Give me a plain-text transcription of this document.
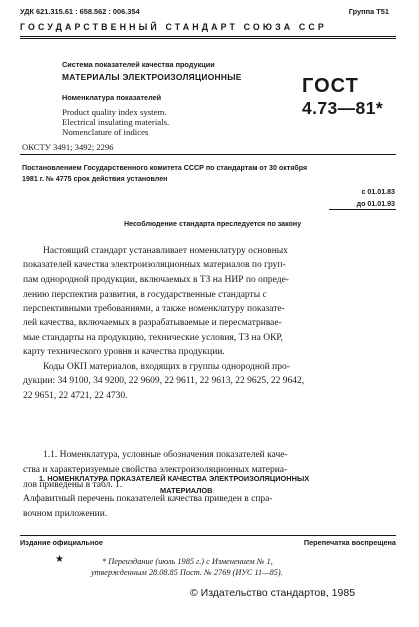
УДК 621.315.61 : 658.562 : 006.354	Группа Т51
ГОСУДАРСТВЕННЫЙ СТАНДАРТ СОЮЗА ССР
Система показателей качества продукции
МАТЕРИАЛЫ ЭЛЕКТРОИЗОЛЯЦИОННЫЕ
Номенклатура показателей
Product quality index system.
Electrical insulating materials.
Nomenclature of indices
ГОСТ
4.73—81*
ОКСТУ 3491; 3492; 2296
Постановлением Государственного комитета СССР по стандартам от 30 октября
1981 г. № 4775 срок действия установлен
с 01.01.83
до 01.01.93
Несоблюдение стандарта преследуется по закону
Настоящий стандарт устанавливает номенклатуру основных
показателей качества электроизоляционных материалов по груп-
пам однородной продукции, включаемых в ТЗ на НИР по опреде-
лению перспектив развития, в государственные стандарты с
перспективными требованиями, а также номенклатуру показате-
лей качества, включаемых в разрабатываемые и пересматривае-
мые стандарты на продукцию, технические условия, ТЗ на ОКР,
карту технического уровня и качества продукции.
Коды ОКП материалов, входящих в группы однородной про-
дукции: 34 9100, 34 9200, 22 9609, 22 9611, 22 9613, 22 9625, 22 9642,
22 9651, 22 4721, 22 4730.
1. НОМЕНКЛАТУРА ПОКАЗАТЕЛЕЙ КАЧЕСТВА ЭЛЕКТРОИЗОЛЯЦИОННЫХ
МАТЕРИАЛОВ
1.1. Номенклатура, условные обозначения показателей каче-
ства и характеризуемые свойства электроизоляционных материа-
лов приведены в табл. 1.
Алфавитный перечень показателей качества приведен в спра-
вочном приложении.
Издание официальное	Перепечатка воспрещена
★	* Переиздание (июль 1985 г.) с Изменением № 1,
утвержденным 28.08.85 Пост. № 2769 (ИУС 11—85).
© Издательство стандартов, 1985
